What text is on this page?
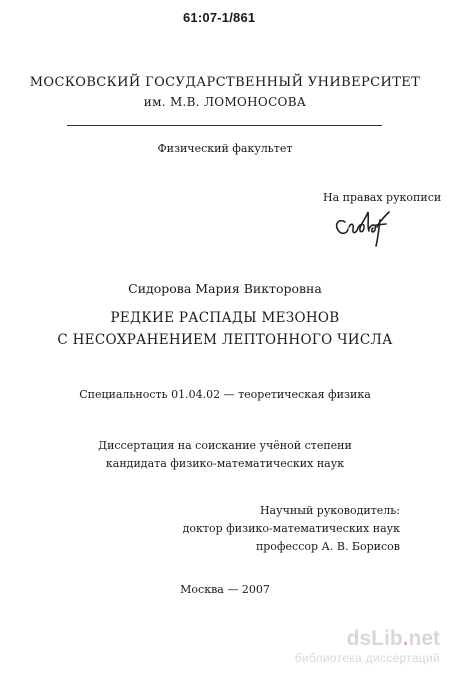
61:07-1/861
МОСКОВСКИЙ ГОСУДАРСТВЕННЫЙ УНИВЕРСИТЕТ
им. М.В. ЛОМОНОСОВА
Физический факультет
На правах рукописи
Сидорова Мария Викторовна
РЕДКИЕ РАСПАДЫ МЕЗОНОВ
С НЕСОХРАНЕНИЕМ ЛЕПТОННОГО ЧИСЛА
Специальность 01.04.02 — теоретическая физика
Диссертация на соискание учёной степени
кандидата физико-математических наук
Научный руководитель:
доктор физико-математических наук
профессор А. В. Борисов
Москва — 2007
dsLib.net
библиотека диссертаций
